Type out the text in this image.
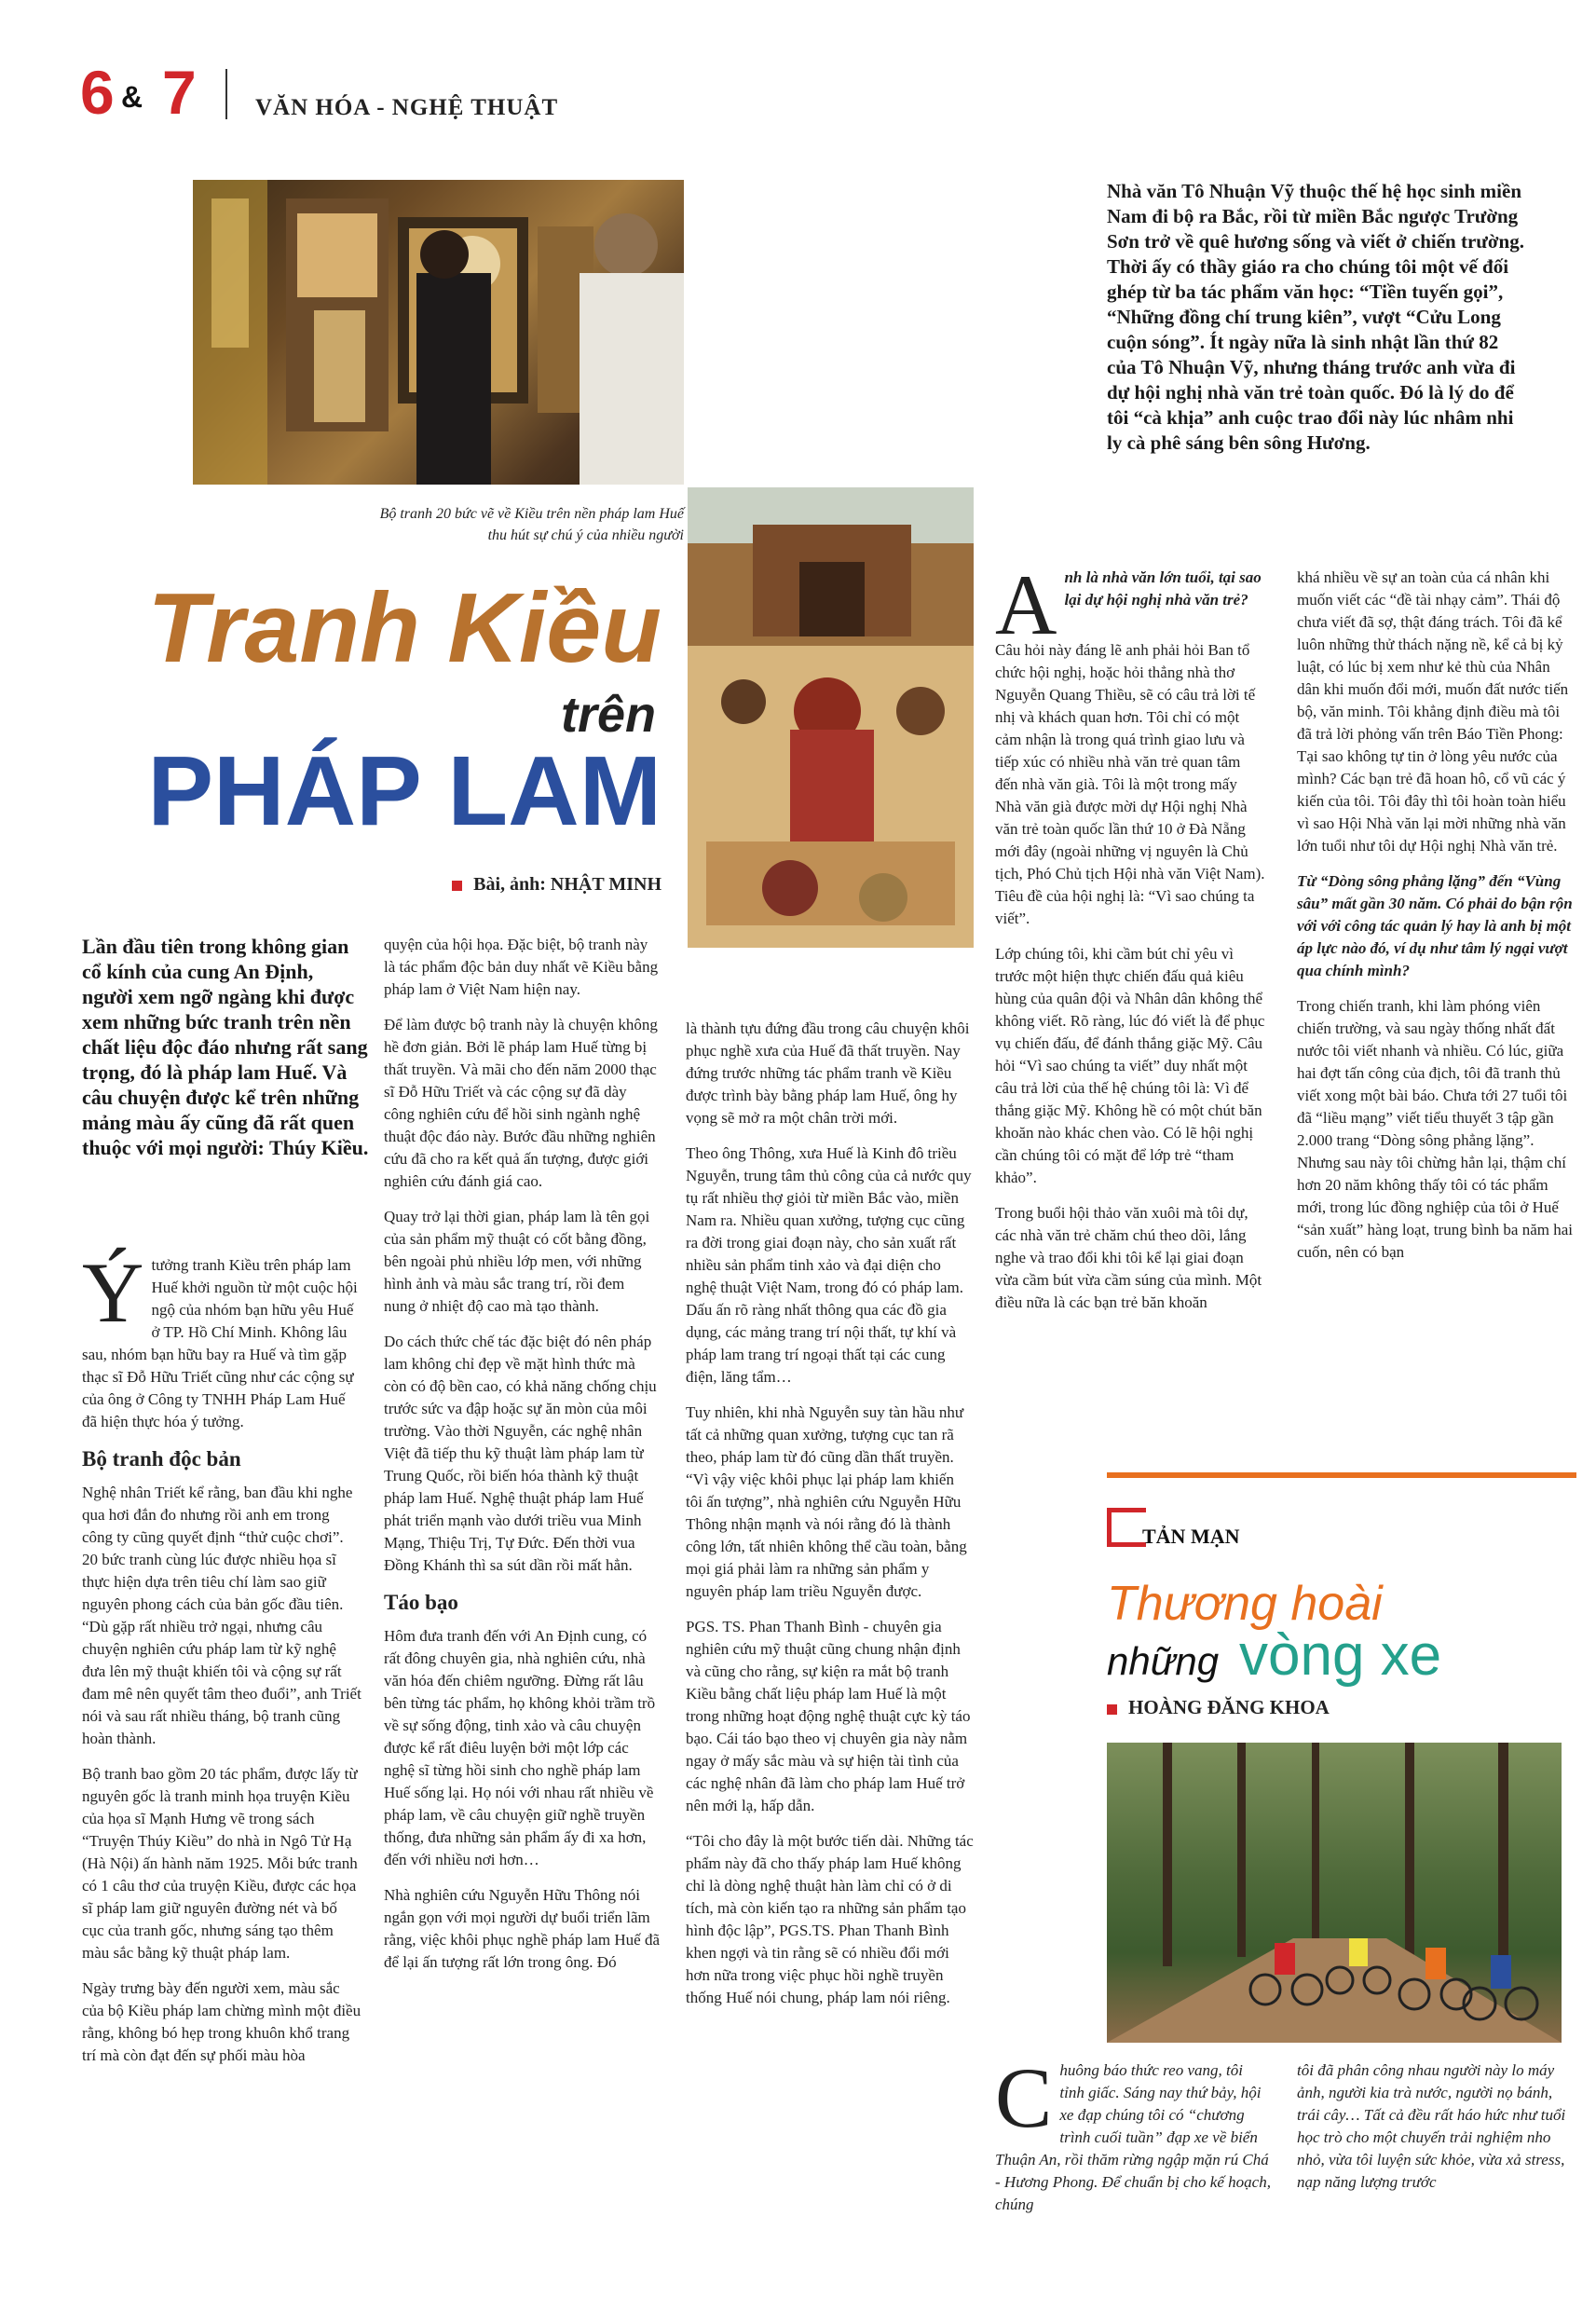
6 & 7	VĂN HÓA - NGHỆ THUẬT
Bộ tranh 20 bức vẽ về Kiều trên nền pháp lam Huế
thu hút sự chú ý của nhiều người
Tranh Kiều
trên
PHÁP LAM
Bài, ảnh: NHẬT MINH
Nhà văn Tô Nhuận Vỹ thuộc thế hệ học sinh miền Nam đi bộ ra Bắc, rồi từ miền Bắc ngược Trường Sơn trở về quê hương sống và viết ở chiến trường. Thời ấy có thầy giáo ra cho chúng tôi một vế đối ghép từ ba tác phẩm văn học: “Tiền tuyến gọi”, “Những đồng chí trung kiên”, vượt “Cửu Long cuộn sóng”. Ít ngày nữa là sinh nhật lần thứ 82 của Tô Nhuận Vỹ, nhưng tháng trước anh vừa đi dự hội nghị nhà văn trẻ toàn quốc. Đó là lý do để tôi “cà khịa” anh cuộc trao đổi này lúc nhâm nhi ly cà phê sáng bên sông Hương.
Lần đầu tiên trong không gian cổ kính của cung An Định, người xem ngỡ ngàng khi được xem những bức tranh trên nền chất liệu độc đáo nhưng rất sang trọng, đó là pháp lam Huế. Và câu chuyện được kể trên những mảng màu ấy cũng đã rất quen thuộc với mọi người: Thúy Kiều.

Ýtưởng tranh Kiều trên pháp lam Huế khởi nguồn từ một cuộc hội ngộ của nhóm bạn hữu yêu Huế ở TP. Hồ Chí Minh. Không lâu sau, nhóm bạn hữu bay ra Huế và tìm gặp thạc sĩ Đỗ Hữu Triết cũng như các cộng sự của ông ở Công ty TNHH Pháp Lam Huế đã hiện thực hóa ý tưởng.

Bộ tranh độc bản

Nghệ nhân Triết kể rằng, ban đầu khi nghe qua hơi đắn đo nhưng rồi anh em trong công ty cũng quyết định “thử cuộc chơi”. 20 bức tranh cùng lúc được nhiều họa sĩ thực hiện dựa trên tiêu chí làm sao giữ nguyên phong cách của bản gốc đầu tiên. “Dù gặp rất nhiều trở ngại, nhưng câu chuyện nghiên cứu pháp lam từ kỹ nghệ đưa lên mỹ thuật khiến tôi và cộng sự rất đam mê nên quyết tâm theo đuổi”, anh Triết nói và sau rất nhiều tháng, bộ tranh cũng hoàn thành.

Bộ tranh bao gồm 20 tác phẩm, được lấy từ nguyên gốc là tranh minh họa truyện Kiều của họa sĩ Mạnh Hưng vẽ trong sách “Truyện Thúy Kiều” do nhà in Ngô Tử Hạ (Hà Nội) ấn hành năm 1925. Mỗi bức tranh có 1 câu thơ của truyện Kiều, được các họa sĩ pháp lam giữ nguyên đường nét và bố cục của tranh gốc, nhưng sáng tạo thêm màu sắc bằng kỹ thuật pháp lam.

Ngày trưng bày đến người xem, màu sắc của bộ Kiều pháp lam chừng mình một điều rằng, không bó hẹp trong khuôn khổ trang trí mà còn đạt đến sự phối màu hòa

quyện của hội họa. Đặc biệt, bộ tranh này là tác phẩm độc bản duy nhất vẽ Kiều bằng pháp lam ở Việt Nam hiện nay.

Để làm được bộ tranh này là chuyện không hề đơn giản. Bởi lẽ pháp lam Huế từng bị thất truyền. Và mãi cho đến năm 2000 thạc sĩ Đỗ Hữu Triết và các cộng sự đã dày công nghiên cứu để hồi sinh ngành nghệ thuật độc đáo này. Bước đầu những nghiên cứu đã cho ra kết quả ấn tượng, được giới nghiên cứu đánh giá cao.

Quay trở lại thời gian, pháp lam là tên gọi của sản phẩm mỹ thuật có cốt bằng đồng, bên ngoài phủ nhiều lớp men, với những hình ảnh và màu sắc trang trí, rồi đem nung ở nhiệt độ cao mà tạo thành.

Do cách thức chế tác đặc biệt đó nên pháp lam không chỉ đẹp về mặt hình thức mà còn có độ bền cao, có khả năng chống chịu trước sức va đập hoặc sự ăn mòn của môi trường. Vào thời Nguyễn, các nghệ nhân Việt đã tiếp thu kỹ thuật làm pháp lam từ Trung Quốc, rồi biến hóa thành kỹ thuật pháp lam Huế. Nghệ thuật pháp lam Huế phát triển mạnh vào dưới triều vua Minh Mạng, Thiệu Trị, Tự Đức. Đến thời vua Đồng Khánh thì sa sút dần rồi mất hẳn.

Táo bạo

Hôm đưa tranh đến với An Định cung, có rất đông chuyên gia, nhà nghiên cứu, nhà văn hóa đến chiêm ngưỡng. Đừng rất lâu bên từng tác phẩm, họ không khỏi trầm trồ về sự sống động, tinh xảo và câu chuyện được kể rất điêu luyện bởi một lớp các nghệ sĩ từng hồi sinh cho nghề pháp lam Huế sống lại. Họ nói với nhau rất nhiều về pháp lam, về câu chuyện giữ nghề truyền thống, đưa những sản phẩm ấy đi xa hơn, đến với nhiều nơi hơn…

Nhà nghiên cứu Nguyễn Hữu Thông nói ngắn gọn với mọi người dự buổi triển lãm rằng, việc khôi phục nghề pháp lam Huế đã để lại ấn tượng rất lớn trong ông. Đó

là thành tựu đứng đầu trong câu chuyện khôi phục nghề xưa của Huế đã thất truyền. Nay đứng trước những tác phẩm tranh về Kiều được trình bày bằng pháp lam Huế, ông hy vọng sẽ mở ra một chân trời mới.

Theo ông Thông, xưa Huế là Kinh đô triều Nguyễn, trung tâm thủ công của cả nước quy tụ rất nhiều thợ giỏi từ miền Bắc vào, miền Nam ra. Nhiều quan xưởng, tượng cục cũng ra đời trong giai đoạn này, cho sản xuất rất nhiều sản phẩm tinh xảo và đại diện cho nghệ thuật Việt Nam, trong đó có pháp lam. Dấu ấn rõ ràng nhất thông qua các đồ gia dụng, các mảng trang trí nội thất, tự khí và pháp lam trang trí ngoại thất tại các cung điện, lăng tẩm…

Tuy nhiên, khi nhà Nguyễn suy tàn hầu như tất cả những quan xưởng, tượng cục tan rã theo, pháp lam từ đó cũng dần thất truyền. “Vì vậy việc khôi phục lại pháp lam khiến tôi ấn tượng”, nhà nghiên cứu Nguyễn Hữu Thông nhận mạnh và nói rằng đó là thành công lớn, tất nhiên không thể cầu toàn, bằng mọi giá phải làm ra những sản phẩm y nguyên pháp lam triều Nguyễn được.

PGS. TS. Phan Thanh Bình - chuyên gia nghiên cứu mỹ thuật cũng chung nhận định và cũng cho rằng, sự kiện ra mắt bộ tranh Kiều bằng chất liệu pháp lam Huế là một trong những hoạt động nghệ thuật cực kỳ táo bạo. Cái táo bạo theo vị chuyên gia này nằm ngay ở mấy sắc màu và sự hiện tài tình của các nghệ nhân đã làm cho pháp lam Huế trở nên mới lạ, hấp dẫn.

“Tôi cho đây là một bước tiến dài. Những tác phẩm này đã cho thấy pháp lam Huế không chỉ là dòng nghệ thuật hàn làm chỉ có ở di tích, mà còn kiến tạo ra những sản phẩm tạo hình độc lập”, PGS.TS. Phan Thanh Bình khen ngợi và tin rằng sẽ có nhiều đổi mới hơn nữa trong việc phục hồi nghề truyền thống Huế nói chung, pháp lam nói riêng.

Anh là nhà văn lớn tuổi, tại sao lại dự hội nghị nhà văn trẻ?

Câu hỏi này đáng lẽ anh phải hỏi Ban tổ chức hội nghị, hoặc hỏi thẳng nhà thơ Nguyễn Quang Thiều, sẽ có câu trả lời tế nhị và khách quan hơn. Tôi chỉ có một cảm nhận là trong quá trình giao lưu và tiếp xúc có nhiều nhà văn trẻ quan tâm đến nhà văn già. Tôi là một trong mấy Nhà văn già được mời dự Hội nghị Nhà văn trẻ toàn quốc lần thứ 10 ở Đà Nẵng mới đây (ngoài những vị nguyên là Chủ tịch, Phó Chủ tịch Hội nhà văn Việt Nam). Tiêu đề của hội nghị là: “Vì sao chúng ta viết”.

Lớp chúng tôi, khi cầm bút chỉ yêu vì trước một hiện thực chiến đấu quả kiêu hùng của quân đội và Nhân dân không thể không viết. Rõ ràng, lúc đó viết là để phục vụ chiến đấu, để đánh thắng giặc Mỹ. Câu hỏi “Vì sao chúng ta viết” duy nhất một câu trả lời của thế hệ chúng tôi là: Vì để thắng giặc Mỹ. Không hề có một chút băn khoăn nào khác chen vào. Có lẽ hội nghị cần chúng tôi có mặt để lớp trẻ “tham khảo”.

Trong buổi hội thảo văn xuôi mà tôi dự, các nhà văn trẻ chăm chú theo dõi, lắng nghe và trao đổi khi tôi kể lại giai đoạn vừa cầm bút vừa cầm súng của mình. Một điều nữa là các bạn trẻ băn khoăn

khá nhiều về sự an toàn của cá nhân khi muốn viết các “đề tài nhạy cảm”. Thái độ chưa viết đã sợ, thật đáng trách. Tôi đã kể luôn những thử thách nặng nề, kể cả bị kỷ luật, có lúc bị xem như kẻ thù của Nhân dân khi muốn đổi mới, muốn đất nước tiến bộ, văn minh. Tôi khẳng định điều mà tôi đã trả lời phỏng vấn trên Báo Tiền Phong: Tại sao không tự tin ở lòng yêu nước của mình? Các bạn trẻ đã hoan hô, cổ vũ các ý kiến của tôi. Tôi đây thì tôi hoàn toàn hiểu vì sao Hội Nhà văn lại mời những nhà văn lớn tuổi như tôi dự Hội nghị Nhà văn trẻ.

Từ “Dòng sông phẳng lặng” đến “Vùng sâu” mất gần 30 năm. Có phải do bận rộn với với công tác quản lý hay là anh bị một áp lực nào đó, ví dụ như tâm lý ngại vượt qua chính mình?

Trong chiến tranh, khi làm phóng viên chiến trường, và sau ngày thống nhất đất nước tôi viết nhanh và nhiều. Có lúc, giữa hai đợt tấn công của địch, tôi đã tranh thủ viết xong một bài báo. Chưa tới 27 tuổi tôi đã “liều mạng” viết tiểu thuyết 3 tập gần 2.000 trang “Dòng sông phẳng lặng”. Nhưng sau này tôi chừng hẳn lại, thậm chí hơn 20 năm không thấy tôi có tác phẩm mới, trong lúc đồng nghiệp của tôi ở Huế “sản xuất” hàng loạt, trung bình ba năm hai cuốn, nên có bạn

TẢN MẠN
Thương hoài
những vòng xe
HOÀNG ĐĂNG KHOA
Chuông báo thức reo vang, tôi tỉnh giấc. Sáng nay thứ bảy, hội xe đạp chúng tôi có “chương trình cuối tuần” đạp xe về biển Thuận An, rồi thăm rừng ngập mặn rú Chá - Hương Phong. Để chuẩn bị cho kế hoạch, chúng
tôi đã phân công nhau người này lo máy ảnh, người kia trà nước, người nọ bánh, trái cây… Tất cả đều rất háo hức như tuổi học trò cho một chuyến trải nghiệm nho nhỏ, vừa tôi luyện sức khỏe, vừa xả stress, nạp năng lượng trước
